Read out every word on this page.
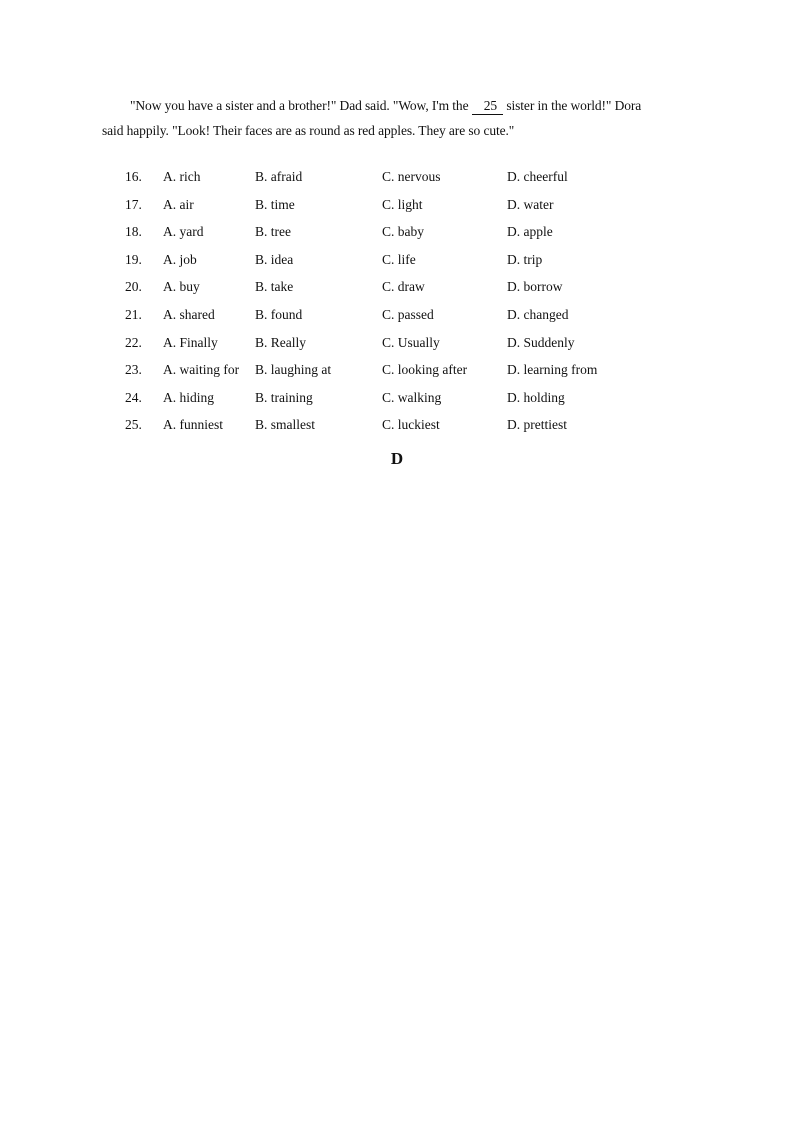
"Now you have a sister and a brother!" Dad said. "Wow, I'm the 25 sister in the world!" Dora

said happily. "Look! Their faces are as round as red apples. They are so cute."

16. A. rich	B. afraid	C. nervous	D. cheerful
17. A. air	B. time	C. light	D. water
18. A. yard	B. tree	C. baby	D. apple
19. A. job	B. idea	C. life	D. trip
20. A. buy	B. take	C. draw	D. borrow
21. A. shared	B. found	C. passed	D. changed
22. A. Finally	B. Really	C. Usually	D. Suddenly
23. A. waiting for B. laughing at	C. looking after	D. learning from
24. A. hiding	B. training	C. walking	D. holding
25. A. funniest B. smallest	C. luckiest	D. prettiest
D
